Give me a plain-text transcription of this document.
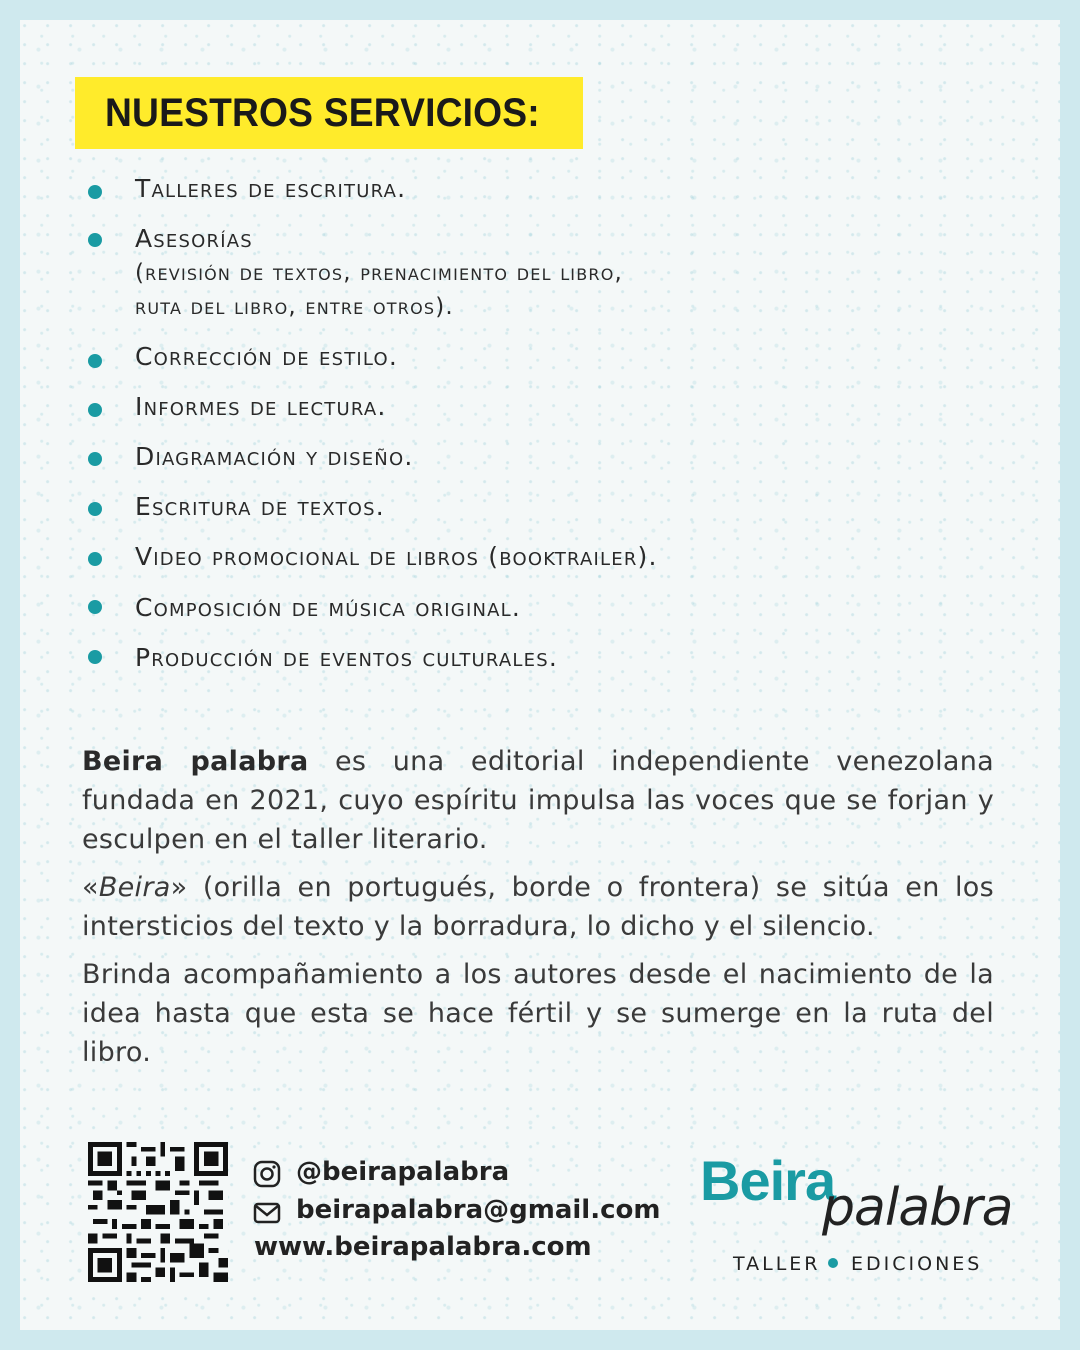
NUESTROS SERVICIOS:
Talleres de escritura.
Asesorías
(revisión de textos, prenacimiento del libro,
ruta del libro, entre otros).
Corrección de estilo.
Informes de lectura.
Diagramación y diseño.
Escritura de textos.
Video promocional de libros (booktrailer).
Composición de música original.
Producción de eventos culturales.

Beira palabra es una editorial independiente venezolana fundada en 2021, cuyo espíritu impulsa las voces que se forjan y esculpen en el taller literario.

«Beira» (orilla en portugués, borde o frontera) se sitúa en los intersticios del texto y la borradura, lo dicho y el silencio.

Brinda acompañamiento a los autores desde el nacimiento de la idea hasta que esta se hace fértil y se sumerge en la ruta del libro.

@beirapalabra
beirapalabra@gmail.com
www.beirapalabra.com
Beira
palabra
TALLER EDICIONES
